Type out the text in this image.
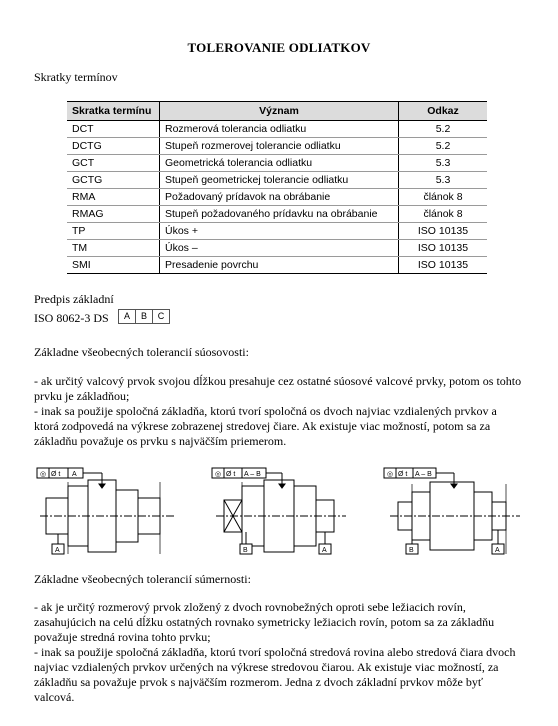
TOLEROVANIE ODLIATKOV
Skratky termínov
Skratka termínu	Význam	Odkaz
DCT	Rozmerová tolerancia odliatku	5.2
DCTG	Stupeň rozmerovej tolerancie odliatku	5.2
GCT	Geometrická tolerancia odliatku	5.3
GCTG	Stupeň geometrickej tolerancie odliatku	5.3
RMA	Požadovaný prídavok na obrábanie	článok 8
RMAG	Stupeň požadovaného prídavku na obrábanie	článok 8
TP	Úkos +	ISO 10135
TM	Úkos –	ISO 10135
SMI	Presadenie povrchu	ISO 10135
Predpis základní
ISO 8062-3 DS	A	B	C
Základne všeobecných tolerancií súosovosti:
- ak určitý valcový prvok svojou dĺžkou presahuje cez ostatné súosové valcové prvky, potom os tohto prvku je základňou;
- inak sa použije spoločná základňa, ktorú tvorí spoločná os dvoch najviac vzdialených prvkov a ktorá zodpovedá na výkrese zobrazenej stredovej čiare. Ak existuje viac možností, potom sa za základňu považuje os prvku s najväčším priemerom.
◎ Ø t A
A
◎ Ø t A – B
B	A
◎ Ø t A – B
B	A
Základne všeobecných tolerancií súmernosti:
- ak je určitý rozmerový prvok zložený z dvoch rovnobežných oproti sebe ležiacich rovín, zasahujúcich na celú dĺžku ostatných rovnako symetricky ležiacich rovín, potom sa za základňu považuje stredná rovina tohto prvku;
- inak sa použije spoločná základňa, ktorú tvorí spoločná stredová rovina alebo stredová čiara dvoch najviac vzdialených prvkov určených na výkrese stredovou čiarou. Ak existuje viac možností, za základňu sa považuje prvok s najväčším rozmerom. Jedna z dvoch základní prvkov môže byť valcová.
